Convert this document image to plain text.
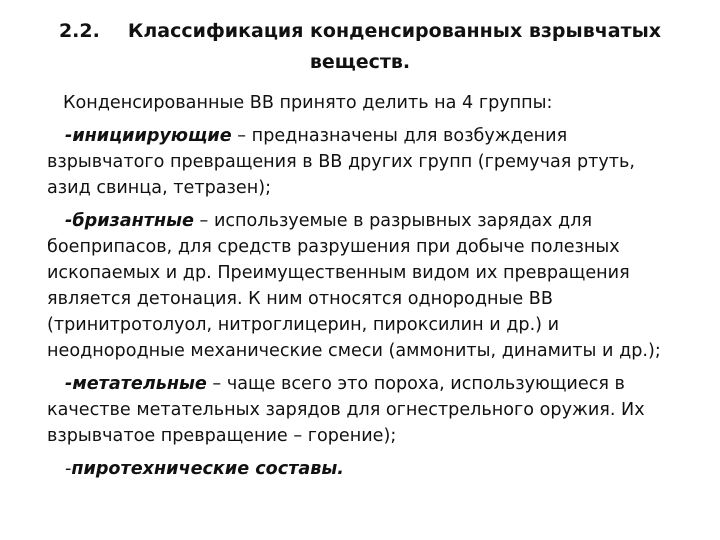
2.2. Классификация конденсированных взрывчатых веществ.

Конденсированные ВВ принято делить на 4 группы:

-инициирующие – предназначены для возбуждения взрывчатого превращения в ВВ других групп (гремучая ртуть, азид свинца, тетразен);

-бризантные – используемые в разрывных зарядах для боеприпасов, для средств разрушения при добыче полезных ископаемых и др. Преимущественным видом их превращения является детонация. К ним относятся однородные ВВ (тринитротолуол, нитроглицерин, пироксилин и др.) и неоднородные механические смеси (аммониты, динамиты и др.);

-метательные – чаще всего это пороха, использующиеся в качестве метательных зарядов для огнестрельного оружия. Их взрывчатое превращение – горение);

-пиротехнические составы.
